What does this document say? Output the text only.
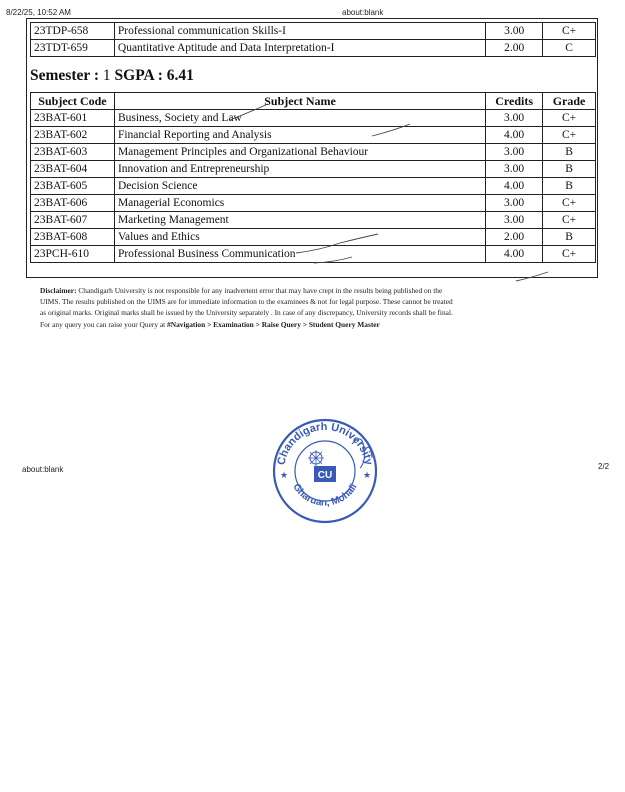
8/22/25, 10:52 AM	about:blank
23TDP-658	Professional communication Skills-I	3.00	C+
23TDT-659	Quantitative Aptitude and Data Interpretation-I	2.00	C
Semester : 1 SGPA : 6.41
Subject Code	Subject Name	Credits	Grade
23BAT-601	Business, Society and Law	3.00	C+
23BAT-602	Financial Reporting and Analysis	4.00	C+
23BAT-603	Management Principles and Organizational Behaviour	3.00	B
23BAT-604	Innovation and Entrepreneurship	3.00	B
23BAT-605	Decision Science	4.00	B
23BAT-606	Managerial Economics	3.00	C+
23BAT-607	Marketing Management	3.00	C+
23BAT-608	Values and Ethics	2.00	B
23PCH-610	Professional Business Communication	4.00	C+
Disclaimer: Chandigarh University is not responsible for any inadvertent error that may have crept in the results being published on the
UIMS. The results published on the UIMS are for immediate information to the examinees & not for legal purpose. These cannot be treated
as original marks. Original marks shall be issued by the University separately . In case of any discrepancy, University records shall be final.
For any query you can raise your Query at #Navigation > Examination > Raise Query > Student Query Master
about:blank	2/2
Chandigarh University
Gharuan, Mohali
★	★
CU
